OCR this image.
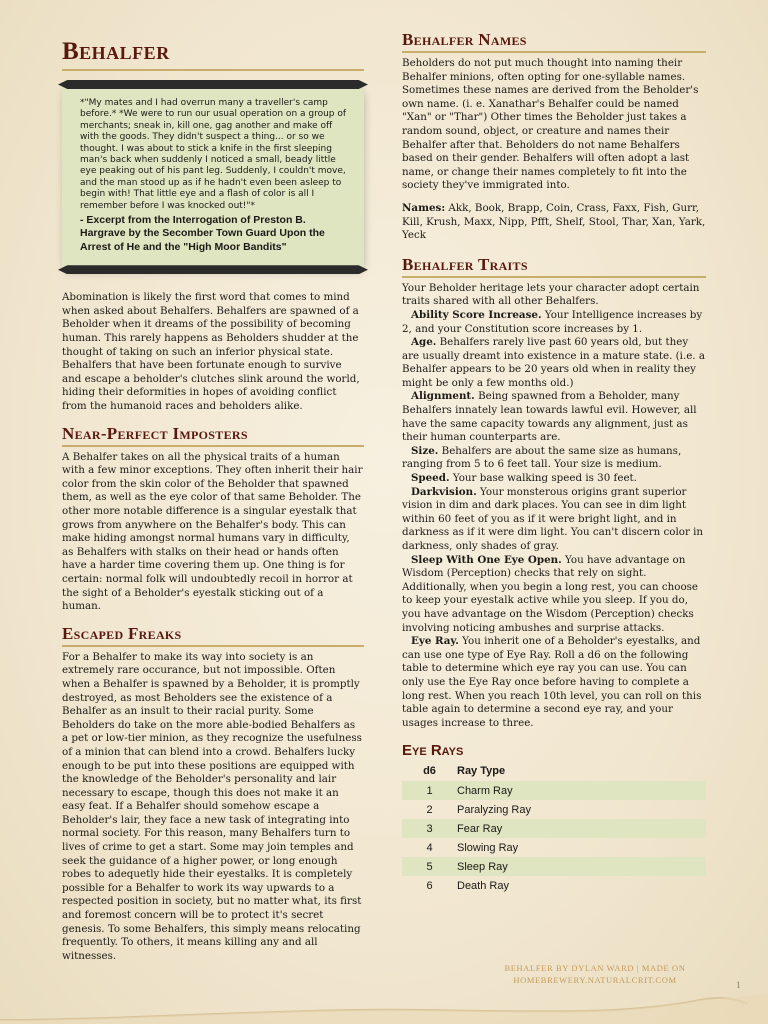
Behalfer

*"My mates and I had overrun many a traveller's camp before.* *We were to run our usual operation on a group of merchants; sneak in, kill one, gag another and make off with the goods. They didn't suspect a thing... or so we thought. I was about to stick a knife in the first sleeping man's back when suddenly I noticed a small, beady little eye peaking out of his pant leg. Suddenly, I couldn't move, and the man stood up as if he hadn't even been asleep to begin with! That little eye and a flash of color is all I remember before I was knocked out!"*

- Excerpt from the Interrogation of Preston B. Hargrave by the Secomber Town Guard Upon the Arrest of He and the "High Moor Bandits"

Abomination is likely the first word that comes to mind when asked about Behalfers. Behalfers are spawned of a Beholder when it dreams of the possibility of becoming human. This rarely happens as Beholders shudder at the thought of taking on such an inferior physical state. Behalfers that have been fortunate enough to survive and escape a beholder's clutches slink around the world, hiding their deformities in hopes of avoiding conflict from the humanoid races and beholders alike.

Near-Perfect Imposters

A Behalfer takes on all the physical traits of a human with a few minor exceptions. They often inherit their hair color from the skin color of the Beholder that spawned them, as well as the eye color of that same Beholder. The other more notable difference is a singular eyestalk that grows from anywhere on the Behalfer's body. This can make hiding amongst normal humans vary in difficulty, as Behalfers with stalks on their head or hands often have a harder time covering them up. One thing is for certain: normal folk will undoubtedly recoil in horror at the sight of a Beholder's eyestalk sticking out of a human.

Escaped Freaks

For a Behalfer to make its way into society is an extremely rare occurance, but not impossible. Often when a Behalfer is spawned by a Beholder, it is promptly destroyed, as most Beholders see the existence of a Behalfer as an insult to their racial purity. Some Beholders do take on the more able-bodied Behalfers as a pet or low-tier minion, as they recognize the usefulness of a minion that can blend into a crowd. Behalfers lucky enough to be put into these positions are equipped with the knowledge of the Beholder's personality and lair necessary to escape, though this does not make it an easy feat. If a Behalfer should somehow escape a Beholder's lair, they face a new task of integrating into normal society. For this reason, many Behalfers turn to lives of crime to get a start. Some may join temples and seek the guidance of a higher power, or long enough robes to adequetly hide their eyestalks. It is completely possible for a Behalfer to work its way upwards to a respected position in society, but no matter what, its first and foremost concern will be to protect it's secret genesis. To some Behalfers, this simply means relocating frequently. To others, it means killing any and all witnesses.

Behalfer Names

Beholders do not put much thought into naming their Behalfer minions, often opting for one-syllable names. Sometimes these names are derived from the Beholder's own name. (i. e. Xanathar's Behalfer could be named "Xan" or "Thar") Other times the Beholder just takes a random sound, object, or creature and names their Behalfer after that. Beholders do not name Behalfers based on their gender. Behalfers will often adopt a last name, or change their names completely to fit into the society they've immigrated into.

Names: Akk, Book, Brapp, Coin, Crass, Faxx, Fish, Gurr, Kill, Krush, Maxx, Nipp, Pfft, Shelf, Stool, Thar, Xan, Yark, Yeck

Behalfer Traits

Your Beholder heritage lets your character adopt certain traits shared with all other Behalfers.

Ability Score Increase. Your Intelligence increases by 2, and your Constitution score increases by 1.

Age. Behalfers rarely live past 60 years old, but they are usually dreamt into existence in a mature state. (i.e. a Behalfer appears to be 20 years old when in reality they might be only a few months old.)

Alignment. Being spawned from a Beholder, many Behalfers innately lean towards lawful evil. However, all have the same capacity towards any alignment, just as their human counterparts are.

Size. Behalfers are about the same size as humans, ranging from 5 to 6 feet tall. Your size is medium.

Speed. Your base walking speed is 30 feet.

Darkvision. Your monsterous origins grant superior vision in dim and dark places. You can see in dim light within 60 feet of you as if it were bright light, and in darkness as if it were dim light. You can't discern color in darkness, only shades of gray.

Sleep With One Eye Open. You have advantage on Wisdom (Perception) checks that rely on sight. Additionally, when you begin a long rest, you can choose to keep your eyestalk active while you sleep. If you do, you have advantage on the Wisdom (Perception) checks involving noticing ambushes and surprise attacks.

Eye Ray. You inherit one of a Beholder's eyestalks, and can use one type of Eye Ray. Roll a d6 on the following table to determine which eye ray you can use. You can only use the Eye Ray once before having to complete a long rest. When you reach 10th level, you can roll on this table again to determine a second eye ray, and your usages increase to three.

Eye Rays
d6	Ray Type
1	Charm Ray
2	Paralyzing Ray
3	Fear Ray
4	Slowing Ray
5	Sleep Ray
6	Death Ray
BEHALFER BY DYLAN WARD | MADE ON
HOMEBREWERY.NATURALCRIT.COM	1
